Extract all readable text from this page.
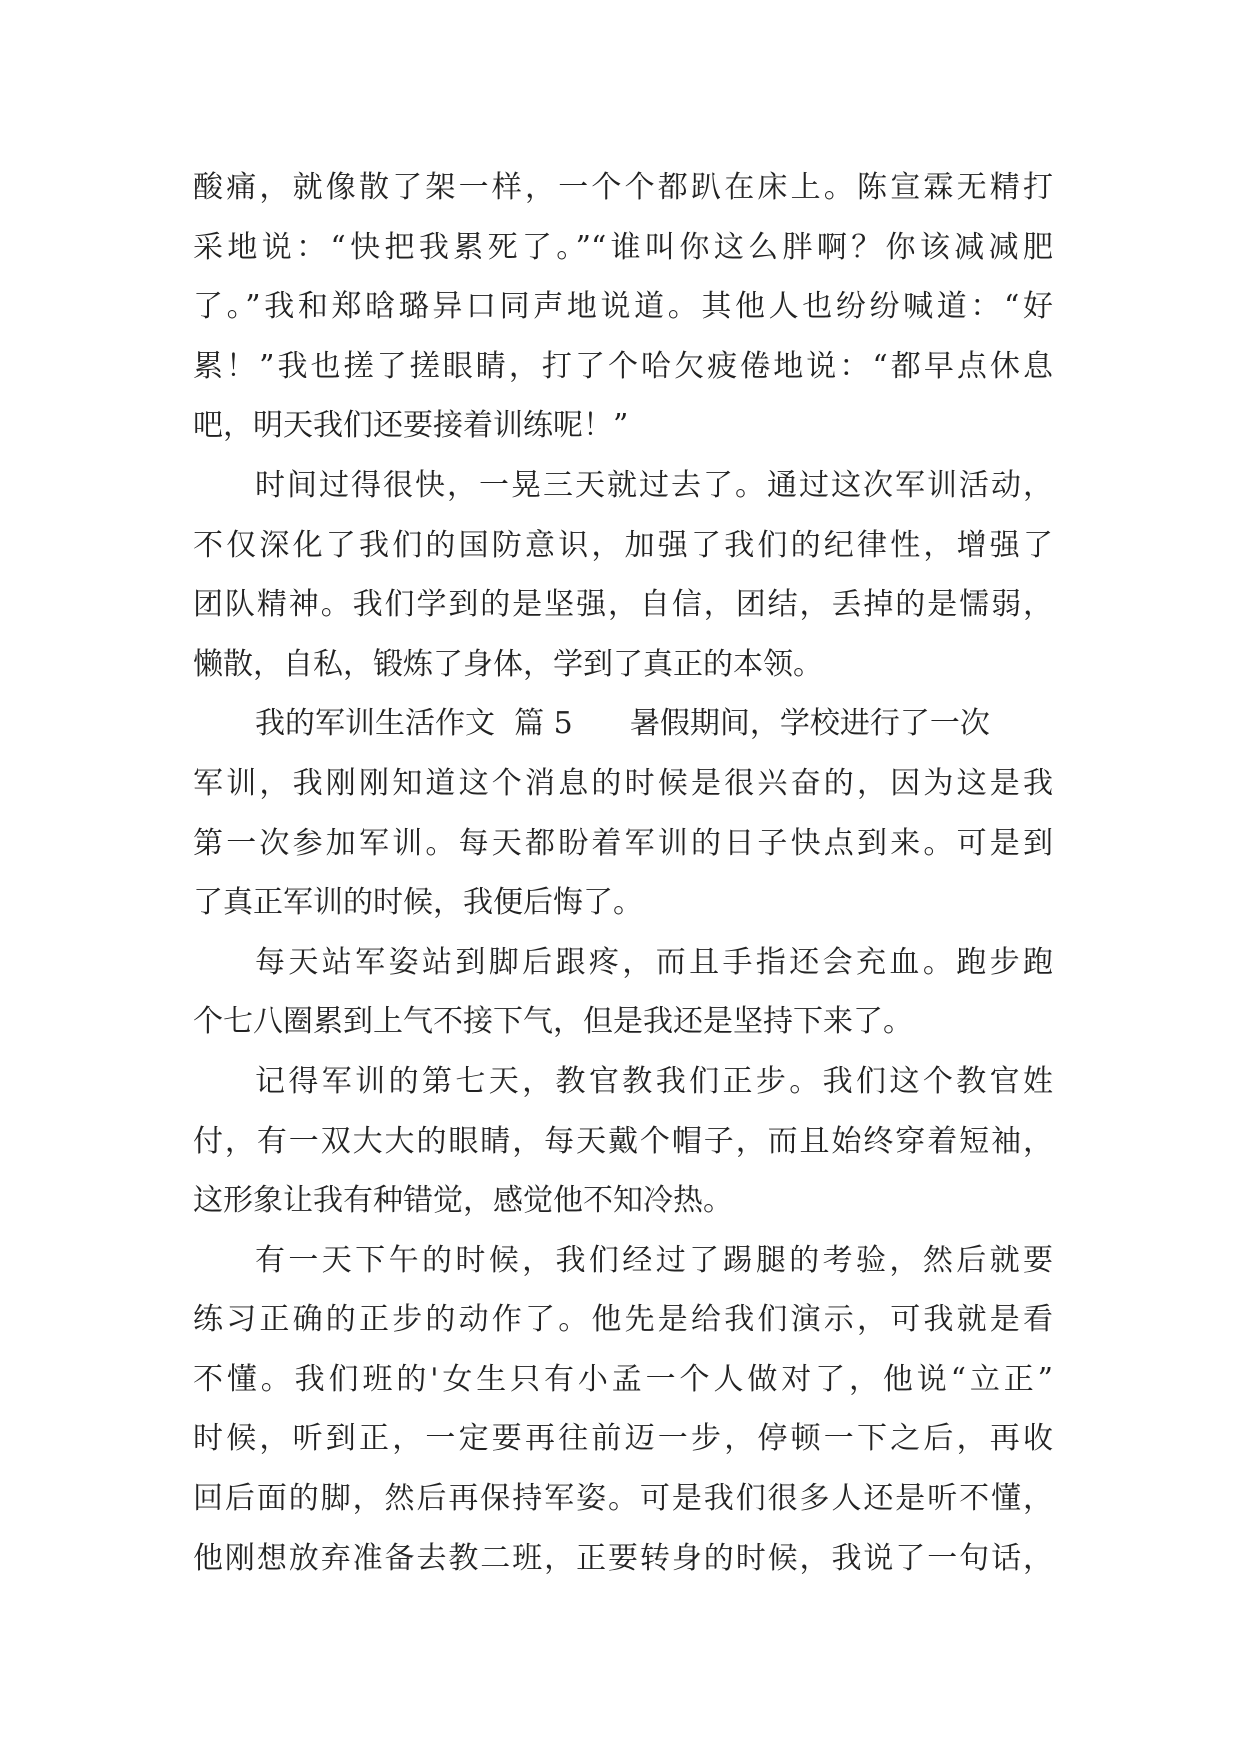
酸痛，就像散了架一样，一个个都趴在床上。陈宣霖无精打
采地说：“快把我累死了。”“谁叫你这么胖啊？你该减减肥
了。”我和郑晗璐异口同声地说道。其他人也纷纷喊道：“好
累！”我也搓了搓眼睛，打了个哈欠疲倦地说：“都早点休息
吧，明天我们还要接着训练呢！”
时间过得很快，一晃三天就过去了。通过这次军训活动，
不仅深化了我们的国防意识，加强了我们的纪律性，增强了
团队精神。我们学到的是坚强，自信，团结，丢掉的是懦弱，
懒散，自私，锻炼了身体，学到了真正的本领。
我的军训生活作文  篇 5      暑假期间，学校进行了一次
军训，我刚刚知道这个消息的时候是很兴奋的，因为这是我
第一次参加军训。每天都盼着军训的日子快点到来。可是到
了真正军训的时候，我便后悔了。
每天站军姿站到脚后跟疼，而且手指还会充血。跑步跑
个七八圈累到上气不接下气，但是我还是坚持下来了。
记得军训的第七天，教官教我们正步。我们这个教官姓
付，有一双大大的眼睛，每天戴个帽子，而且始终穿着短袖，
这形象让我有种错觉，感觉他不知冷热。
有一天下午的时候，我们经过了踢腿的考验，然后就要
练习正确的正步的动作了。他先是给我们演示，可我就是看
不懂。我们班的'女生只有小孟一个人做对了，他说“立正”
时候，听到正，一定要再往前迈一步，停顿一下之后，再收
回后面的脚，然后再保持军姿。可是我们很多人还是听不懂，
他刚想放弃准备去教二班，正要转身的时候，我说了一句话，
